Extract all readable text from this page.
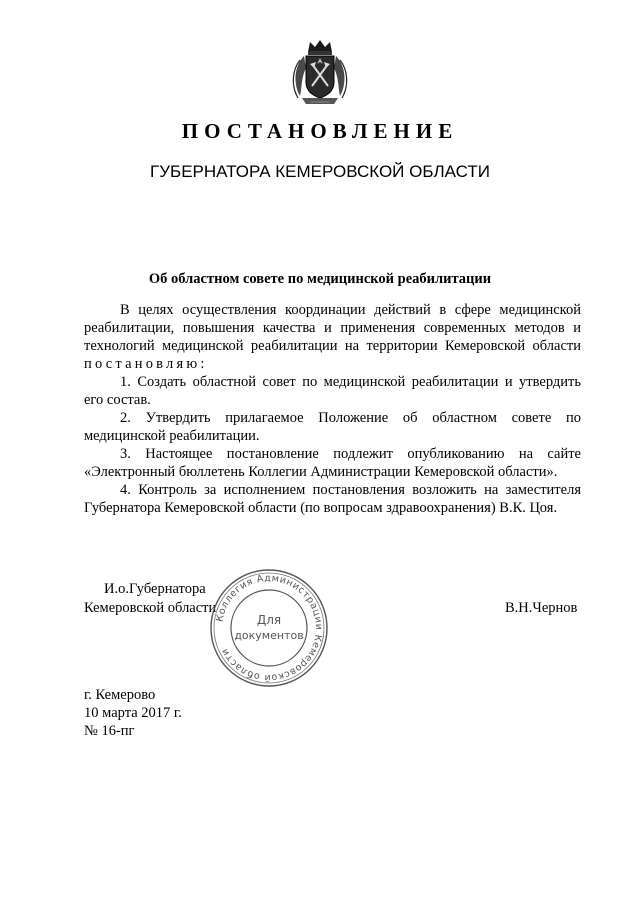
ПОСТАНОВЛЕНИЕ
ГУБЕРНАТОРА КЕМЕРОВСКОЙ ОБЛАСТИ
Об областном совете по медицинской реабилитации

В целях осуществления координации действий в сфере медицинской реабилитации, повышения качества и применения современных методов и технологий медицинской реабилитации на территории Кемеровской области постановляю:

1. Создать областной совет по медицинской реабилитации и утвердить его состав.

2. Утвердить прилагаемое Положение об областном совете по медицинской реабилитации.

3. Настоящее постановление подлежит опубликованию на сайте «Электронный бюллетень Коллегии Администрации Кемеровской области».

4. Контроль за исполнением постановления возложить на заместителя Губернатора Кемеровской области (по вопросам здравоохранения) В.К. Цоя.

И.о.Губернатора
Кемеровской области
Коллегия Администрации Кемеровской области
Для
документов
В.Н.Чернов
г. Кемерово
10 марта 2017 г.
№ 16-пг
